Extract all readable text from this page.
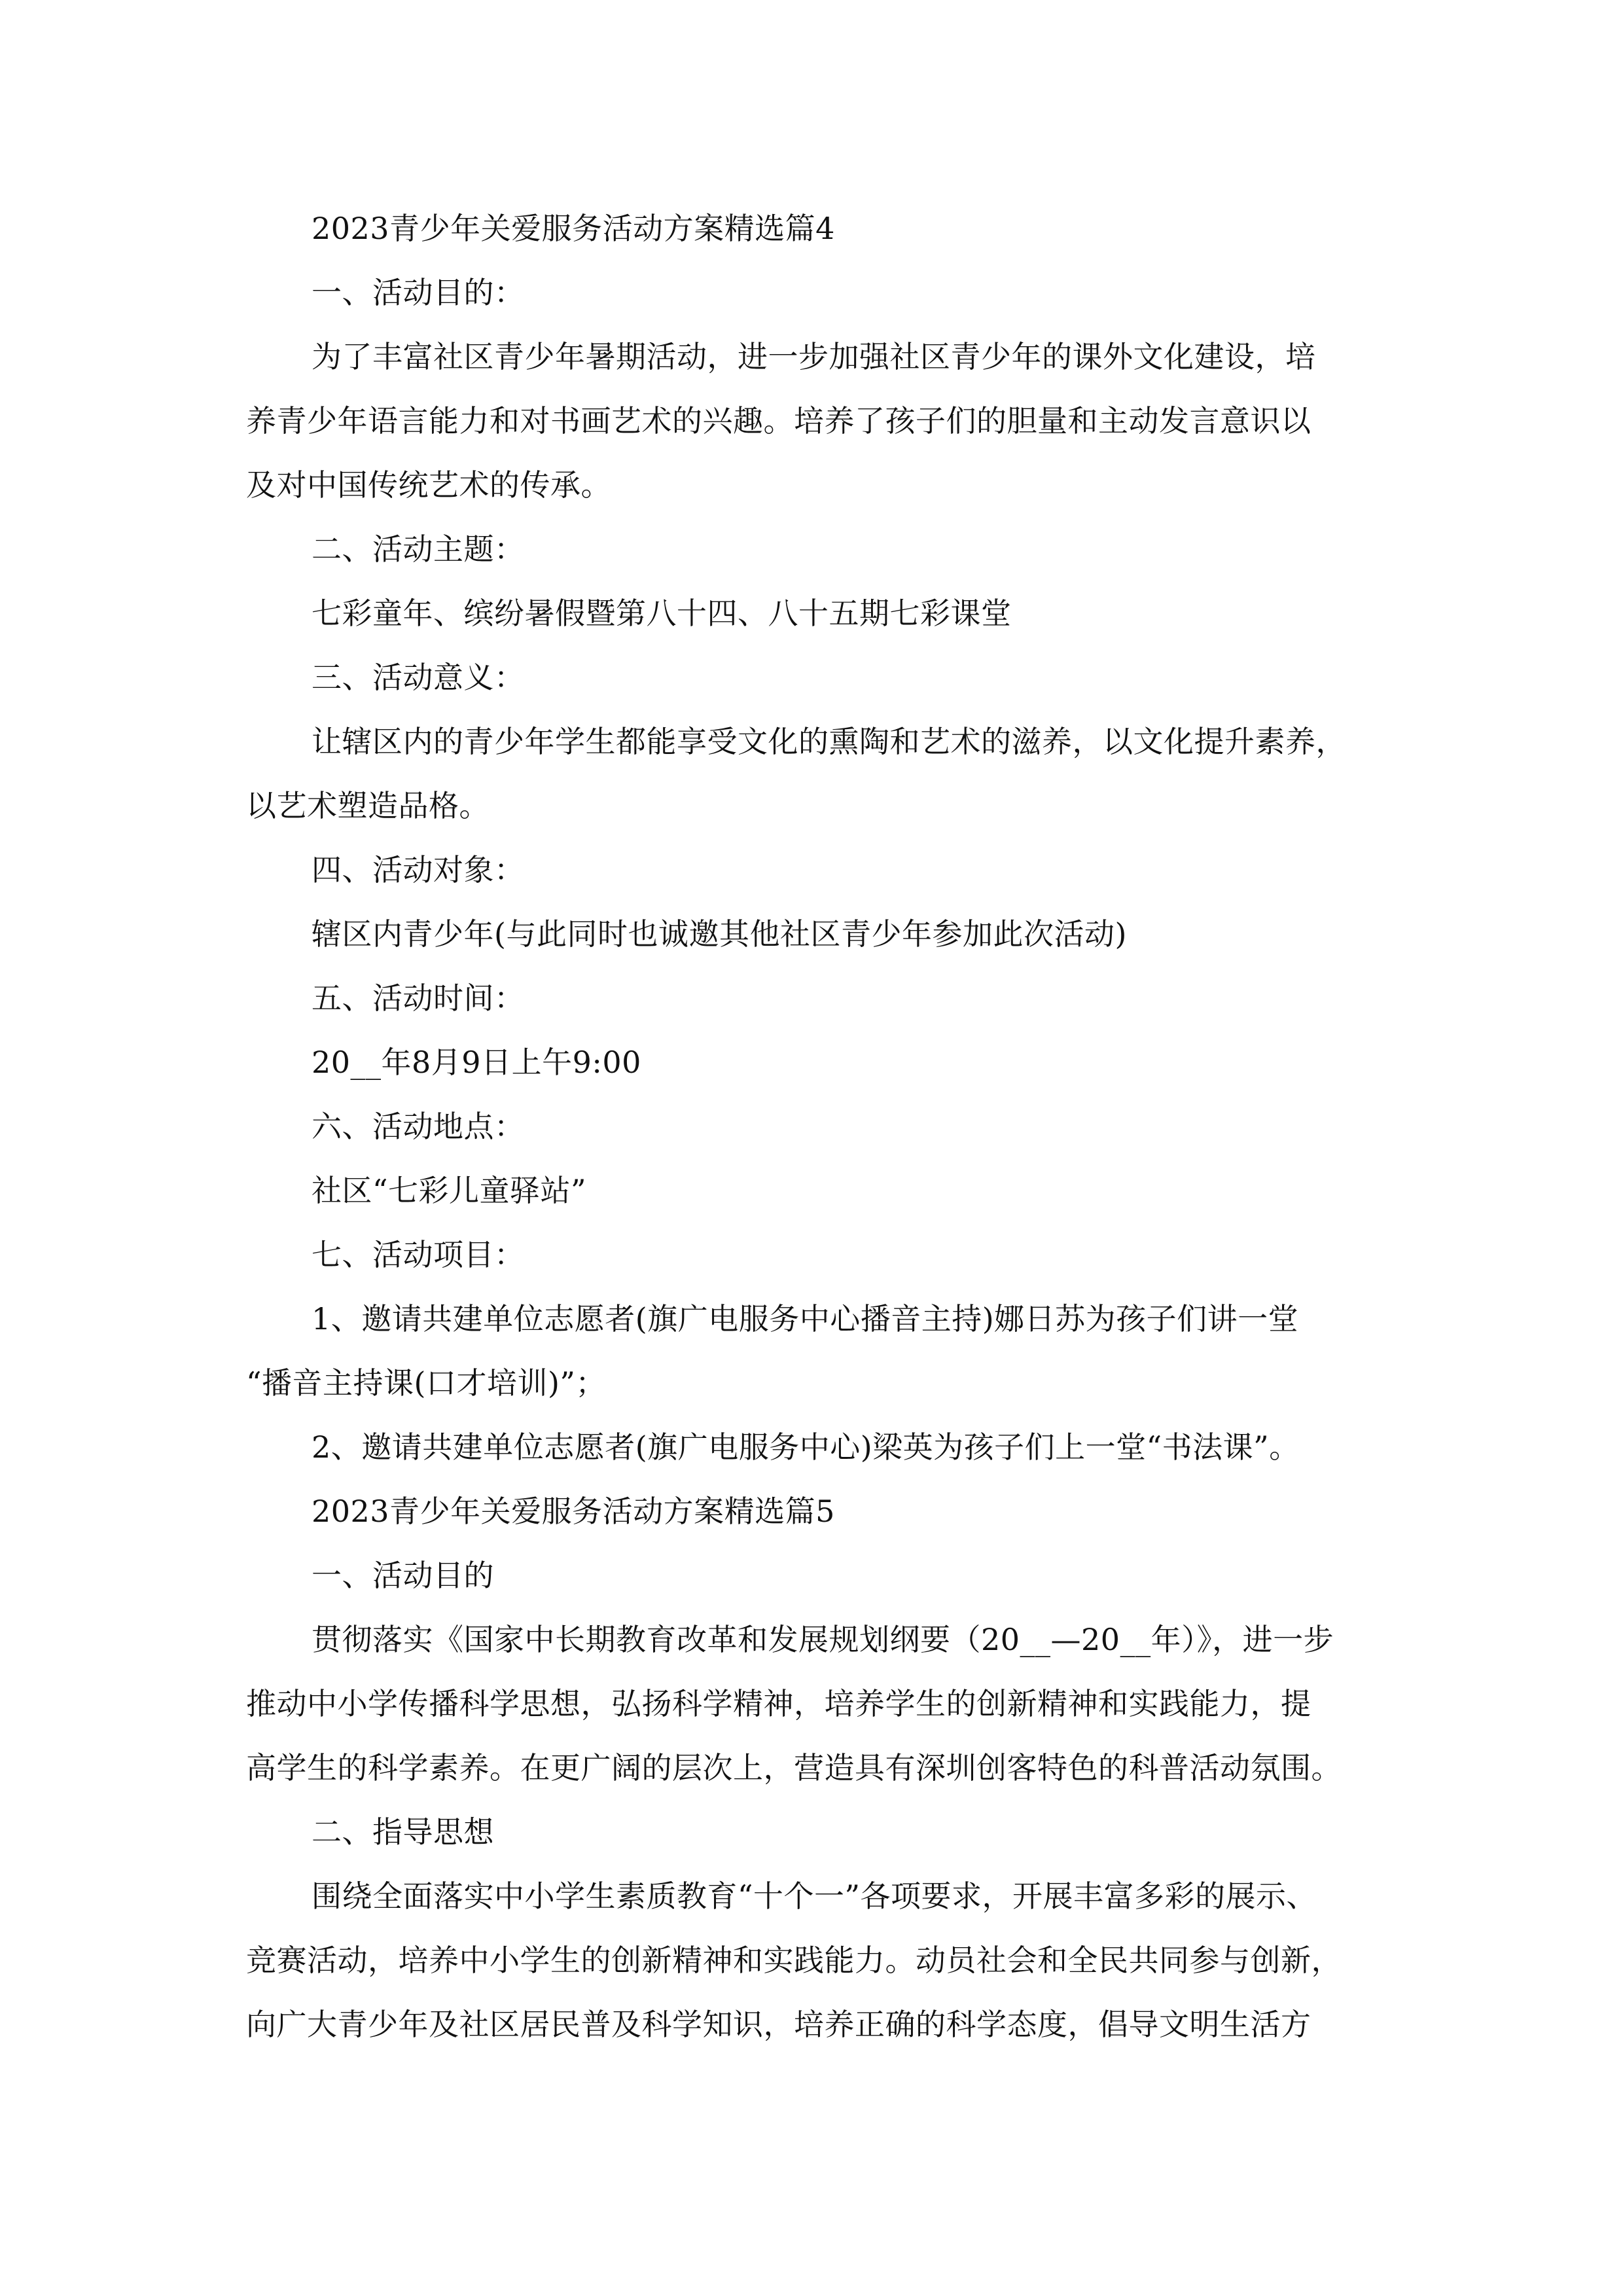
2023青少年关爱服务活动方案精选篇4
一、活动目的：
为了丰富社区青少年暑期活动，进一步加强社区青少年的课外文化建设，培
养青少年语言能力和对书画艺术的兴趣。培养了孩子们的胆量和主动发言意识以
及对中国传统艺术的传承。
二、活动主题：
七彩童年、缤纷暑假暨第八十四、八十五期七彩课堂
三、活动意义：
让辖区内的青少年学生都能享受文化的熏陶和艺术的滋养，以文化提升素养，
以艺术塑造品格。
四、活动对象：
辖区内青少年(与此同时也诚邀其他社区青少年参加此次活动)
五、活动时间：
20__年8月9日上午9:00
六、活动地点：
社区“七彩儿童驿站”
七、活动项目：
1、邀请共建单位志愿者(旗广电服务中心播音主持)娜日苏为孩子们讲一堂
“播音主持课(口才培训)”；
2、邀请共建单位志愿者(旗广电服务中心)梁英为孩子们上一堂“书法课”。
2023青少年关爱服务活动方案精选篇5
一、活动目的
贯彻落实《国家中长期教育改革和发展规划纲要（20__—20__年）》，进一步
推动中小学传播科学思想，弘扬科学精神，培养学生的创新精神和实践能力，提
高学生的科学素养。在更广阔的层次上，营造具有深圳创客特色的科普活动氛围。
二、指导思想
围绕全面落实中小学生素质教育“十个一”各项要求，开展丰富多彩的展示、
竞赛活动，培养中小学生的创新精神和实践能力。动员社会和全民共同参与创新，
向广大青少年及社区居民普及科学知识，培养正确的科学态度，倡导文明生活方
